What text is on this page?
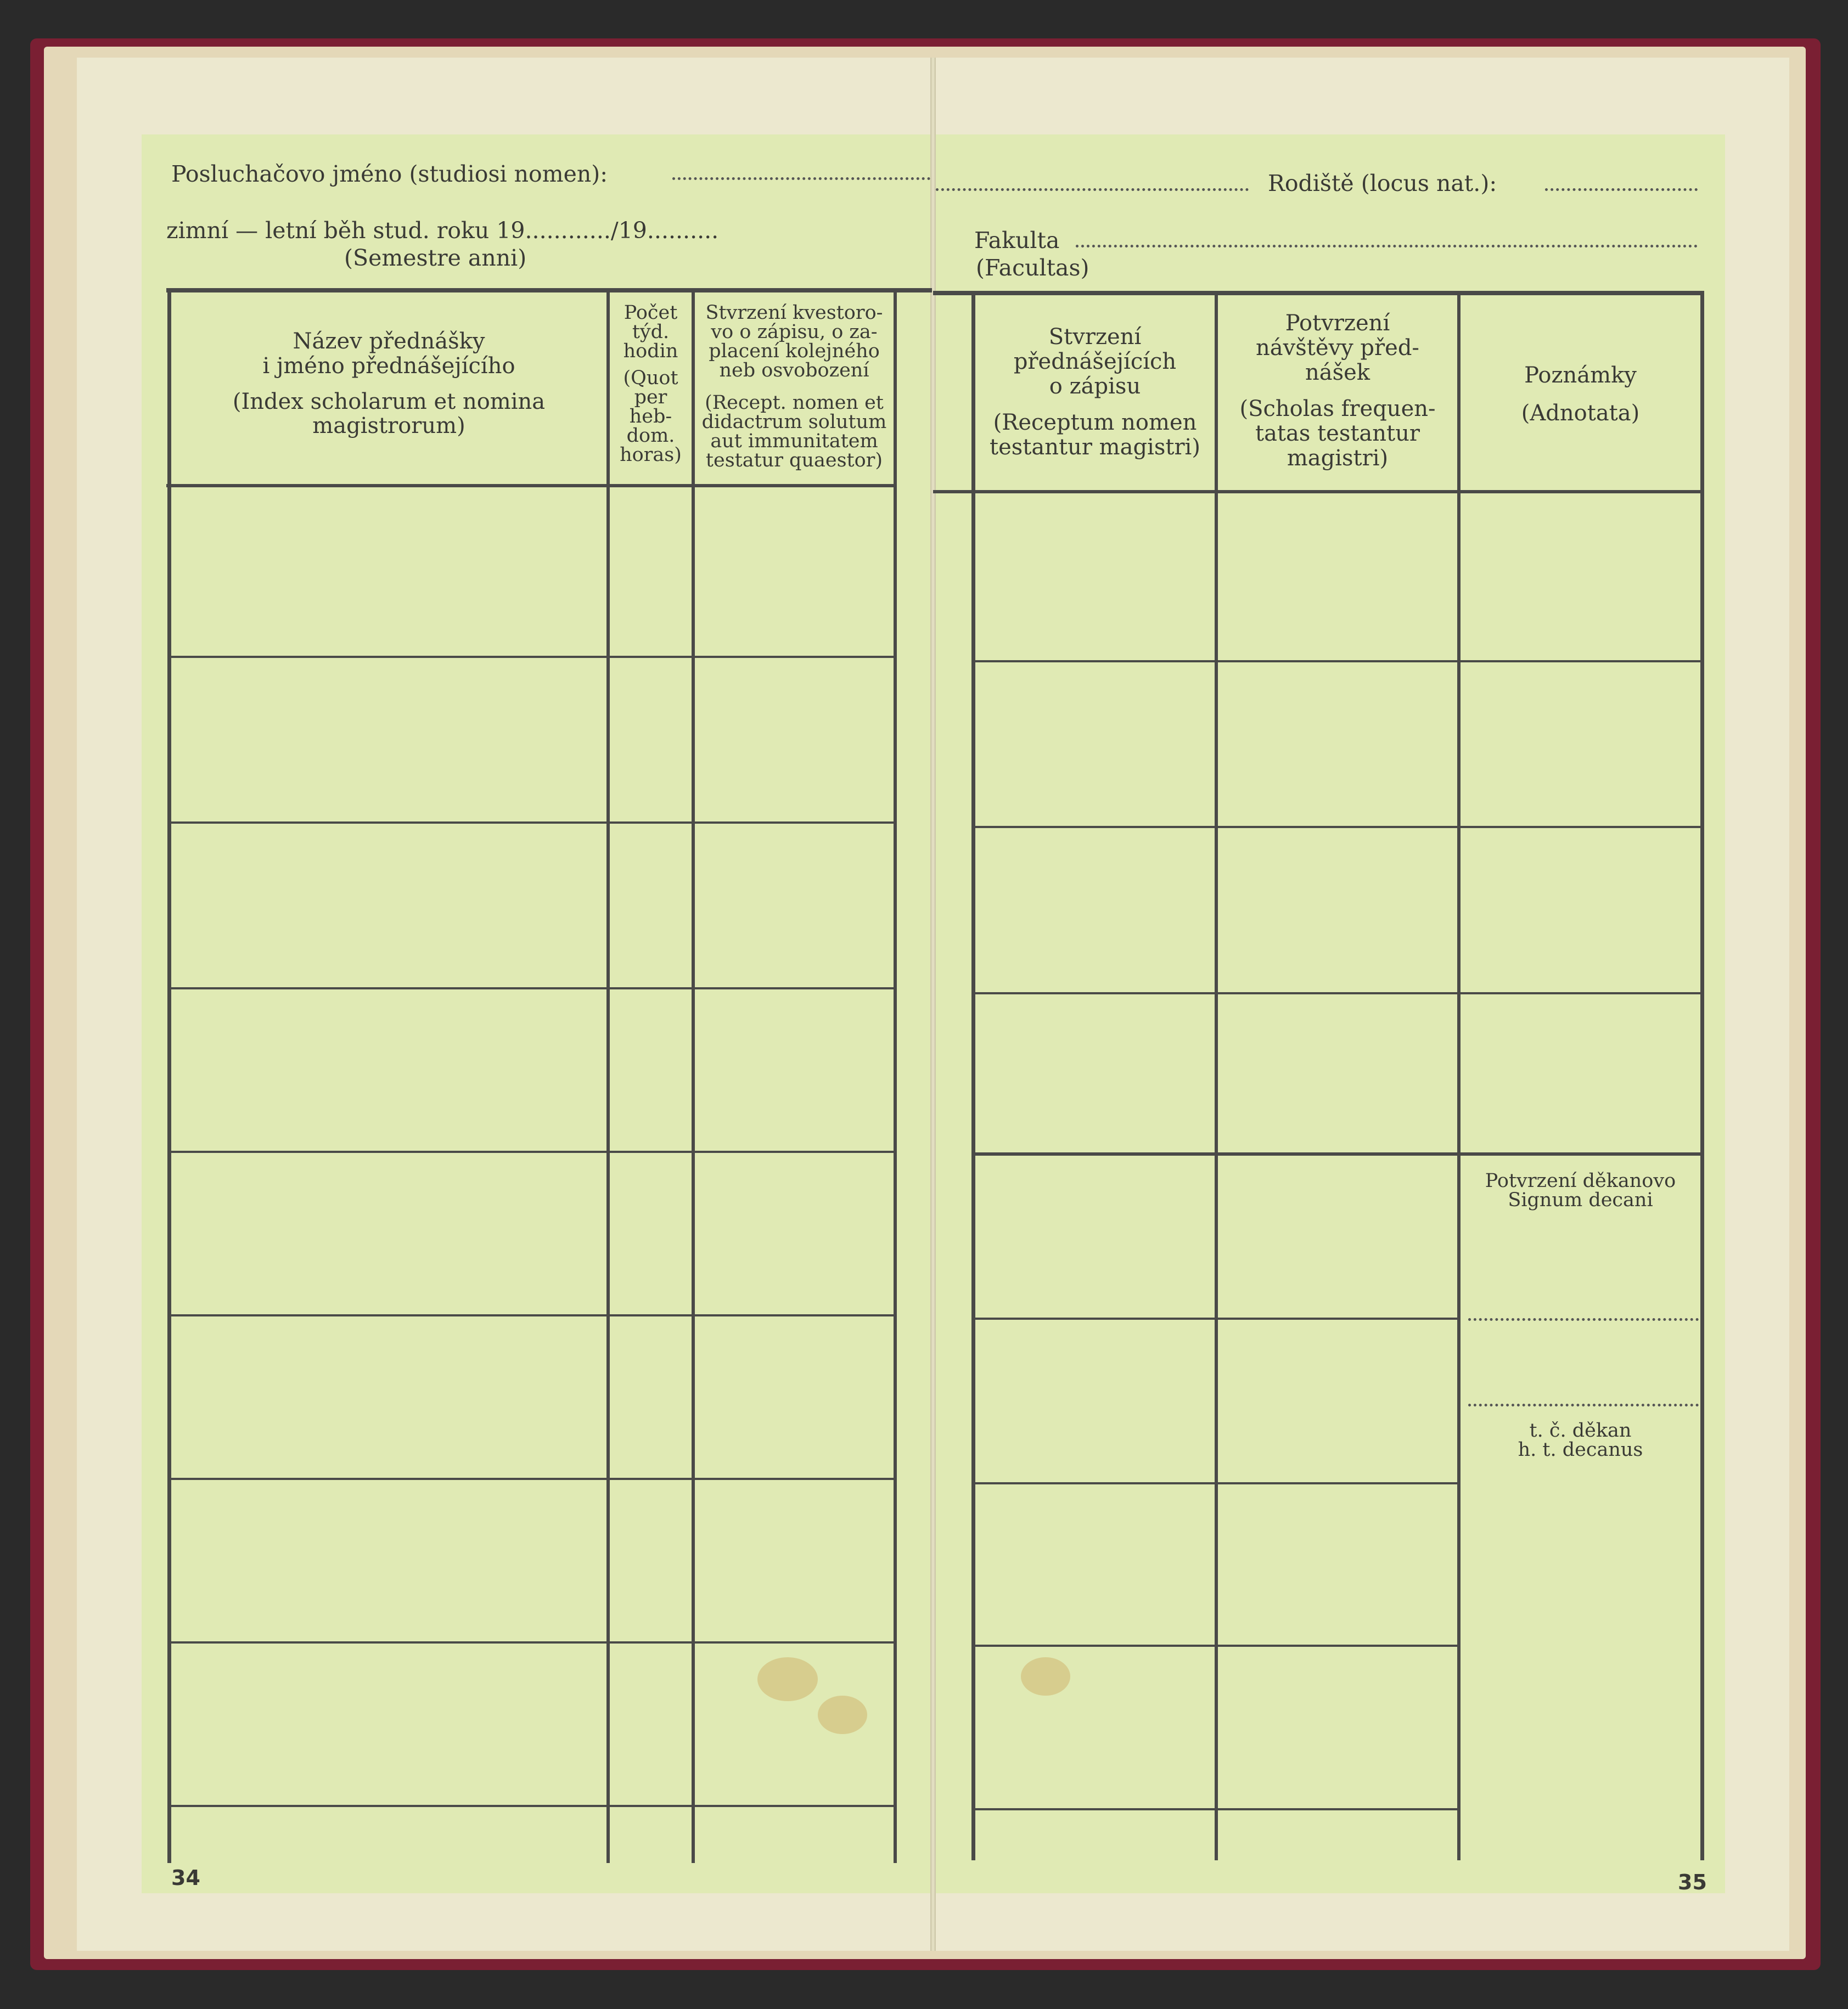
Posluchačovo jméno (studiosi nomen):
zimní — letní běh stud. roku 19............/19..........
(Semestre anni)
Rodiště (locus nat.):
Fakulta
(Facultas)
Název přednášky
i jméno přednášejícího
(Index scholarum et nomina
magistrorum)
Počet
týd.
hodin
(Quot
per
heb-
dom.
horas)
Stvrzení kvestoro-
vo o zápisu, o za-
placení kolejného
neb osvobození
(Recept. nomen et
didactrum solutum
aut immunitatem
testatur quaestor)
34
Stvrzení
přednášejících
o zápisu
(Receptum nomen
testantur magistri)
Potvrzení
návštěvy před-
nášek
(Scholas frequen-
tatas testantur
magistri)
Poznámky
(Adnotata)
Potvrzení děkanovo
Signum decani
t. č. děkan
h. t. decanus
35
